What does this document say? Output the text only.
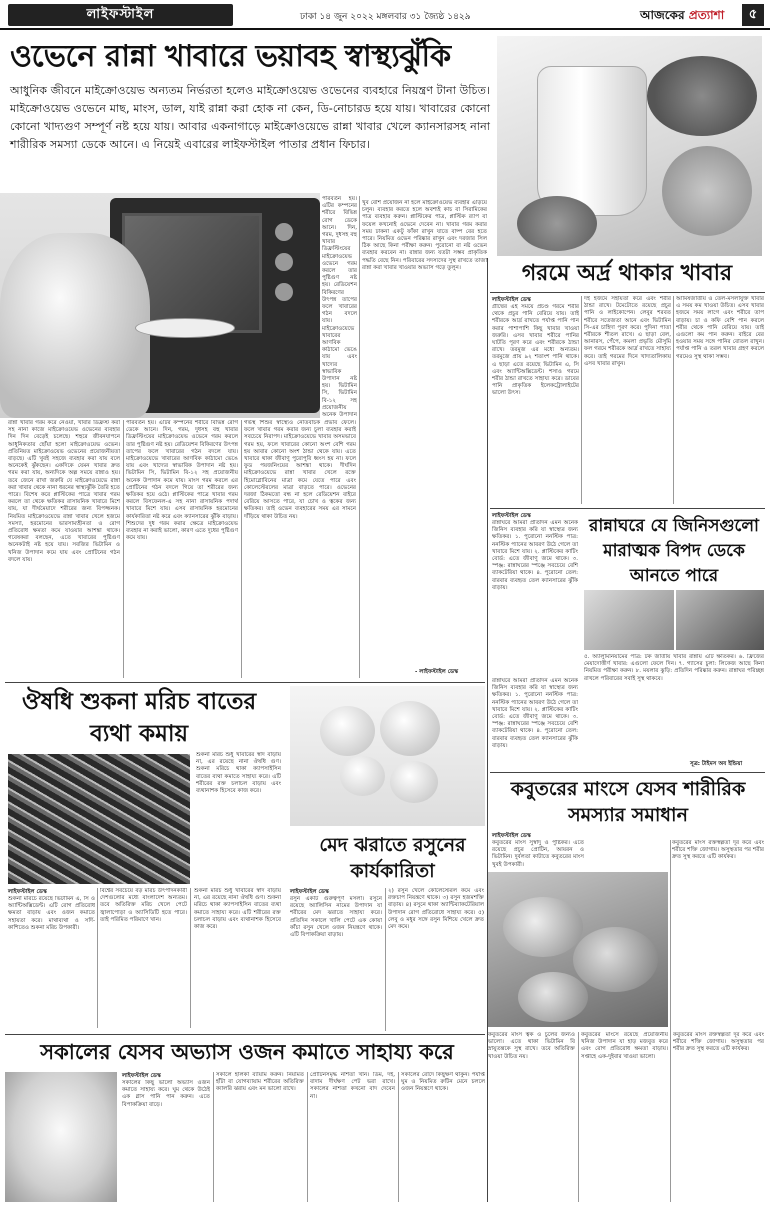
লাইফস্টাইল	ঢাকা ১৪ জুন ২০২২ মঙ্গলবার ৩১ জ্যৈষ্ঠ ১৪২৯	আজকের প্রত্যাশা	৫
ওভেনে রান্না খাবারে ভয়াবহ স্বাস্থ্যঝুঁকি
আধুনিক জীবনে মাইক্রোওয়েভ অন্যতম নির্ভরতা হলেও মাইক্রোওয়েভ ওভেনের ব্যবহারে নিয়ন্ত্রণ টানা উচিত। মাইক্রোওয়েভ ওভেনে মাছ, মাংস, ডাল, যাই রান্না করা হোক না কেন, ডি-নোচারড হয়ে যায়। খাবারের কোনো কোনো খাদ্যগুণ সম্পূর্ণ নষ্ট হয়ে যায়। আবার একনাগাড়ে মাইক্রোওয়েভে রান্না খাবার খেলে ক্যানসারসহ নানা শারীরিক সমস্যা ডেকে আনে। এ নিয়েই এবারের লাইফস্টাইল পাতার প্রধান ফিচার।
রান্না খাবার গরম করে নেওয়া, খাবার ডিফ্রস্ট করা সহ নানা কাজে মাইক্রোওয়েভ ওভেনের ব্যবহার দিন দিন বেড়েই চলেছে। শহুরে জীবনযাপনে আধুনিকতার ছোঁয়া হলো মাইক্রোওয়েভ ওভেন। প্রতিনিয়ত মাইক্রোওয়েভ ওভেনের প্রয়োজনীয়তা বাড়ছে। এটি খুবই সহজে ব্যবহার করা যায় বলে অনেকেই ঝুঁকছেন। একদিকে যেমন খাবার দ্রুত গরম করা যায়, অন্যদিকে অল্প সময়ে রান্নাও হয়। তবে জেনে রাখা জরুরি যে মাইক্রোওয়েভে রান্না করা খাবার থেকে নানা ধরনের স্বাস্থ্যঝুঁকি তৈরি হতে পারে। বিশেষ করে প্লাস্টিকের পাত্রে খাবার গরম করলে তা থেকে ক্ষতিকর রাসায়নিক খাবারে মিশে যায়, যা দীর্ঘমেয়াদে শরীরের জন্য বিপজ্জনক। নিয়মিত মাইক্রোওয়েভে রান্না খাবার খেলে হজমে সমস্যা, হরমোনের ভারসাম্যহীনতা ও রোগ প্রতিরোধ ক্ষমতা কমে যাওয়ার আশঙ্কা থাকে। গবেষকরা বলছেন, এতে খাবারের পুষ্টিগুণ অনেকটাই নষ্ট হয়ে যায়। সবজির ভিটামিন ও খনিজ উপাদান কমে যায় এবং প্রোটিনের গঠন বদলে যায়।
পরিবর্তন হয়। এটির কম্পনের শরীরে বিভিন্ন রোগ ডেকে আনে। দিন, গরম, দুধসহ বহু খাবার ডিফ্রস্টিংয়ের মাইক্রোওয়েভ ওভেনে গরম করলে তার পুষ্টিগুণ নষ্ট হয়। রেডিয়েশন বিকিরণের উৎপন্ন তাপের ফলে খাবারের গঠন বদলে যায়। মাইক্রোওয়েভে খাবারের আণবিক কাঠামো ভেঙে যায় এবং খাদ্যের স্বাভাবিক উপাদান নষ্ট হয়। ভিটামিন সি, ভিটামিন বি-১২ সহ প্রয়োজনীয় অনেক উপাদান কমে যায়। মাংস গরম করলে এর প্রোটিনের গঠন বদলে গিয়ে তা শরীরের জন্য ক্ষতিকর হয়ে ওঠে। প্লাস্টিকের পাত্রে খাবার গরম করলে বিসফেনল-এ সহ নানা রাসায়নিক পদার্থ খাবারে মিশে যায়। এসব রাসায়নিক হরমোনের কার্যকারিতা নষ্ট করে এবং ক্যানসারের ঝুঁকি বাড়ায়। শিশুদের দুধ গরম করার ক্ষেত্রে মাইক্রোওয়েভ ব্যবহার না করাই ভালো, কারণ এতে দুধের পুষ্টিগুণ কমে যায়।
গর্ভস্থ শিশুর স্বাস্থ্যেও নেতিবাচক প্রভাব ফেলে। ফলে খাবার গরম করার জন্য চুলা ব্যবহার করাই সবচেয়ে নিরাপদ। মাইক্রোওয়েভে খাবার অসমভাবে গরম হয়, ফলে খাবারের কোনো অংশ বেশি গরম হয় আবার কোনো অংশ ঠান্ডা থেকে যায়। এতে খাবারে থাকা জীবাণু পুরোপুরি ধ্বংস হয় না। ফলে ফুড পয়জনিংয়ের আশঙ্কা থাকে। দীর্ঘদিন মাইক্রোওয়েভে রান্না খাবার খেলে রক্তে হিমোগ্লোবিনের মাত্রা কমে যেতে পারে এবং কোলেস্টেরলের মাত্রা বাড়তে পারে। ওভেনের দরজা ঠিকমতো বন্ধ না হলে রেডিয়েশন বাইরে বেরিয়ে আসতে পারে, যা চোখ ও ত্বকের জন্য ক্ষতিকর। তাই ওভেন ব্যবহারের সময় এর সামনে দাঁড়িয়ে থাকা উচিত নয়।
পরিবর্তন হয়। এটির কম্পনের শরীরে বিভিন্ন রোগ ডেকে আনে। দিন, গরম, দুধসহ বহু খাবার ডিফ্রস্টিংয়ের মাইক্রোওয়েভ ওভেনে গরম করলে তার পুষ্টিগুণ নষ্ট হয়। রেডিয়েশন বিকিরণের উৎপন্ন তাপের ফলে খাবারের গঠন বদলে যায়। মাইক্রোওয়েভে খাবারের আণবিক কাঠামো ভেঙে যায় এবং খাদ্যের স্বাভাবিক উপাদান নষ্ট হয়। ভিটামিন সি, ভিটামিন বি-১২ সহ প্রয়োজনীয় অনেক উপাদান
খুব বেশি প্রয়োজন না হলে মাইক্রোওয়েভ ব্যবহার এড়িয়ে চলুন। ব্যবহার করতে হলে অবশ্যই কাচ বা সিরামিকের পাত্র ব্যবহার করুন। প্লাস্টিকের পাত্র, প্লাস্টিক র‍্যাপ বা ফয়েল কখনোই ওভেনে দেবেন না। খাবার গরম করার সময় ঢাকনা একটু ফাঁকা রাখুন যাতে বাষ্প বের হতে পারে। নিয়মিত ওভেন পরিষ্কার রাখুন এবং দরজার সিল ঠিক আছে কিনা পরীক্ষা করুন। পুরোনো বা নষ্ট ওভেন ব্যবহার করবেন না। রান্নার জন্য যতটা সম্ভব প্রাকৃতিক পদ্ধতি বেছে নিন। পরিবারের সদস্যদের সুস্থ রাখতে তাজা রান্না করা খাবার খাওয়ার অভ্যাস গড়ে তুলুন।
- লাইফস্টাইল ডেস্ক
গরমে অর্দ্র থাকার খাবার
লাইফস্টাইল ডেস্ক
গ্রীষ্মের এই সময়ে প্রচণ্ড গরমে শরীর থেকে প্রচুর পানি বেরিয়ে যায়। তাই শরীরকে আর্দ্র রাখতে পর্যাপ্ত পানি পান করার পাশাপাশি কিছু খাবার খাওয়া জরুরি। এসব খাবার শরীরে পানির ঘাটতি পূরণ করে এবং শরীরকে ঠান্ডা রাখে। তরমুজ এর মধ্যে অন্যতম। তরমুজে প্রায় ৯২ শতাংশ পানি থাকে। এ ছাড়া এতে রয়েছে ভিটামিন এ, সি এবং অ্যান্টিঅক্সিডেন্ট। শসাও গরমে শরীর ঠান্ডা রাখতে সাহায্য করে। ডাবের পানি প্রাকৃতিক ইলেকট্রোলাইটের ভালো উৎস।
দই হজমে সহায়তা করে এবং শরীর ঠান্ডা রাখে। টমেটোতে রয়েছে প্রচুর পানি ও লাইকোপেন। লেবুর শরবত শরীরে সতেজতা আনে এবং ভিটামিন সি-এর চাহিদা পূরণ করে। পুদিনা পাতা শরীরকে শীতল রাখে। এ ছাড়া বেল, আনারস, পেঁপে, কমলা প্রভৃতি মৌসুমি ফল গরমে শরীরকে আর্দ্র রাখতে সাহায্য করে। তাই গরমের দিনে খাদ্যতালিকায় এসব খাবার রাখুন।
আমিষজাতীয় ও তেল-মসলাযুক্ত খাবার এ সময় কম খাওয়া উচিত। এসব খাবার হজমে সময় লাগে এবং শরীরে তাপ বাড়ায়। চা ও কফি বেশি পান করলে শরীর থেকে পানি বেরিয়ে যায়। তাই এগুলো কম পান করুন। বাইরে বের হওয়ার সময় সঙ্গে পানির বোতল রাখুন। পর্যাপ্ত পানি ও তরল খাবার গ্রহণ করলে গরমেও সুস্থ থাকা সম্ভব।
লাইফস্টাইল ডেস্ক
রান্নাঘরে আমরা প্রতিদিন এমন অনেক জিনিস ব্যবহার করি যা স্বাস্থ্যের জন্য ক্ষতিকর। ১. পুরোনো ননস্টিক পাত্র: ননস্টিক প্যানের আবরণ উঠে গেলে তা খাবারে মিশে যায়। ২. প্লাস্টিকের কাটিং বোর্ড: এতে জীবাণু জমে থাকে। ৩. স্পঞ্জ: রান্নাঘরের স্পঞ্জে সবচেয়ে বেশি ব্যাকটেরিয়া থাকে। ৪. পুরোনো তেল: বারবার ব্যবহৃত তেল ক্যানসারের ঝুঁকি বাড়ায়।
রান্নাঘরে যে জিনিসগুলো মারাত্মক বিপদ ডেকে আনতে পারে
৫. অ্যালুমিনিয়ামের পাত্র: টক জাতীয় খাবার রান্নায় এটি ক্ষতিকর। ৬. ফ্রিজের মেয়াদোত্তীর্ণ খাবার: এগুলো ফেলে দিন। ৭. গ্যাসের চুলা: লিকেজ আছে কিনা নিয়মিত পরীক্ষা করুন। ৮. ময়লার ঝুড়ি: প্রতিদিন পরিষ্কার করুন। রান্নাঘর পরিচ্ছন্ন রাখলে পরিবারের সবাই সুস্থ থাকবে।
রান্নাঘরে আমরা প্রতিদিন এমন অনেক জিনিস ব্যবহার করি যা স্বাস্থ্যের জন্য ক্ষতিকর। ১. পুরোনো ননস্টিক পাত্র: ননস্টিক প্যানের আবরণ উঠে গেলে তা খাবারে মিশে যায়। ২. প্লাস্টিকের কাটিং বোর্ড: এতে জীবাণু জমে থাকে। ৩. স্পঞ্জ: রান্নাঘরের স্পঞ্জে সবচেয়ে বেশি ব্যাকটেরিয়া থাকে। ৪. পুরোনো তেল: বারবার ব্যবহৃত তেল ক্যানসারের ঝুঁকি বাড়ায়।
সূত্র: টাইমস অব ইন্ডিয়া
ঔষধি শুকনা মরিচ বাতের ব্যথা কমায়
শুকনা মরিচ শুধু খাবারের স্বাদ বাড়ায় না, এর রয়েছে নানা ঔষধি গুণ। শুকনা মরিচে থাকা ক্যাপসাইসিন বাতের ব্যথা কমাতে সাহায্য করে। এটি শরীরের রক্ত চলাচল বাড়ায় এবং ব্যথানাশক হিসেবে কাজ করে।
লাইফস্টাইল ডেস্ক
শুকনা মরিচে রয়েছে ভিটামিন এ, সি ও অ্যান্টিঅক্সিডেন্ট। এটি রোগ প্রতিরোধ ক্ষমতা বাড়ায় এবং ওজন কমাতে সহায়তা করে। মাথাব্যথা ও সর্দি-কাশিতেও শুকনা মরিচ উপকারী।
বিশ্বের সবচেয়ে বড় মরিচ উৎপাদনকারী দেশগুলোর মধ্যে বাংলাদেশ অন্যতম। তবে অতিরিক্ত মরিচ খেলে পেটে জ্বালাপোড়া ও অ্যাসিডিটি হতে পারে। তাই পরিমিত পরিমাণে খান।
শুকনা মরিচ শুধু খাবারের স্বাদ বাড়ায় না, এর রয়েছে নানা ঔষধি গুণ। শুকনা মরিচে থাকা ক্যাপসাইসিন বাতের ব্যথা কমাতে সাহায্য করে। এটি শরীরের রক্ত চলাচল বাড়ায় এবং ব্যথানাশক হিসেবে কাজ করে।
মেদ ঝরাতে রসুনের কার্যকারিতা
লাইফস্টাইল ডেস্ক
রসুন একটি গুরুত্বপূর্ণ মসলা। রসুনে রয়েছে অ্যালিসিন নামের উপাদান যা শরীরের মেদ ঝরাতে সাহায্য করে। প্রতিদিন সকালে খালি পেটে এক কোয়া কাঁচা রসুন খেলে ওজন নিয়ন্ত্রণে থাকে। এটি বিপাকক্রিয়া বাড়ায়।
২) রসুন খেলে কোলেস্টেরল কমে এবং রক্তচাপ নিয়ন্ত্রণে থাকে। ৩) রসুন হজমশক্তি বাড়ায়। ৪) রসুনে থাকা অ্যান্টিব্যাকটেরিয়াল উপাদান রোগ প্রতিরোধে সাহায্য করে। ৫) লেবু ও মধুর সঙ্গে রসুন মিশিয়ে খেলে দ্রুত মেদ কমে।
কবুতরের মাংসে যেসব শারীরিক সমস্যার সমাধান
লাইফস্টাইল ডেস্ক
কবুতরের মাংস সুস্বাদু ও পুষ্টিকর। এতে রয়েছে প্রচুর প্রোটিন, আয়রন ও ভিটামিন। দুর্বলতা কাটাতে কবুতরের মাংস খুবই উপকারী।
কবুতরের মাংস রক্তস্বল্পতা দূর করে এবং শরীরে শক্তি জোগায়। অসুস্থতার পর শরীর দ্রুত সুস্থ করতে এটি কার্যকর।
কবুতরের মাংস ত্বক ও চুলের জন্যও ভালো। এতে থাকা ভিটামিন বি স্নায়ুতন্ত্রকে সুস্থ রাখে। তবে অতিরিক্ত খাওয়া উচিত নয়।
কবুতরের মাংসে রয়েছে প্রয়োজনীয় খনিজ উপাদান যা হাড় মজবুত করে এবং রোগ প্রতিরোধ ক্ষমতা বাড়ায়। সপ্তাহে এক-দুইবার খাওয়া ভালো।
কবুতরের মাংস রক্তস্বল্পতা দূর করে এবং শরীরে শক্তি জোগায়। অসুস্থতার পর শরীর দ্রুত সুস্থ করতে এটি কার্যকর।
সকালের যেসব অভ্যাস ওজন কমাতে সাহায্য করে
লাইফস্টাইল ডেস্ক
সকালের কিছু ভালো অভ্যাস ওজন কমাতে সাহায্য করে। ঘুম থেকে উঠেই এক গ্লাস পানি পান করুন। এতে বিপাকক্রিয়া বাড়ে।
সকালে হালকা ব্যায়াম করুন। নিয়মিত হাঁটা বা যোগব্যায়াম শরীরের অতিরিক্ত ক্যালরি ঝরায় এবং মন ভালো রাখে।
প্রোটিনসমৃদ্ধ নাশতা খান। ডিম, দই, বাদাম দীর্ঘক্ষণ পেট ভরা রাখে। সকালের নাশতা কখনো বাদ দেবেন না।
সকালের রোদে কিছুক্ষণ থাকুন। পর্যাপ্ত ঘুম ও নিয়মিত রুটিন মেনে চললে ওজন নিয়ন্ত্রণে থাকে।
